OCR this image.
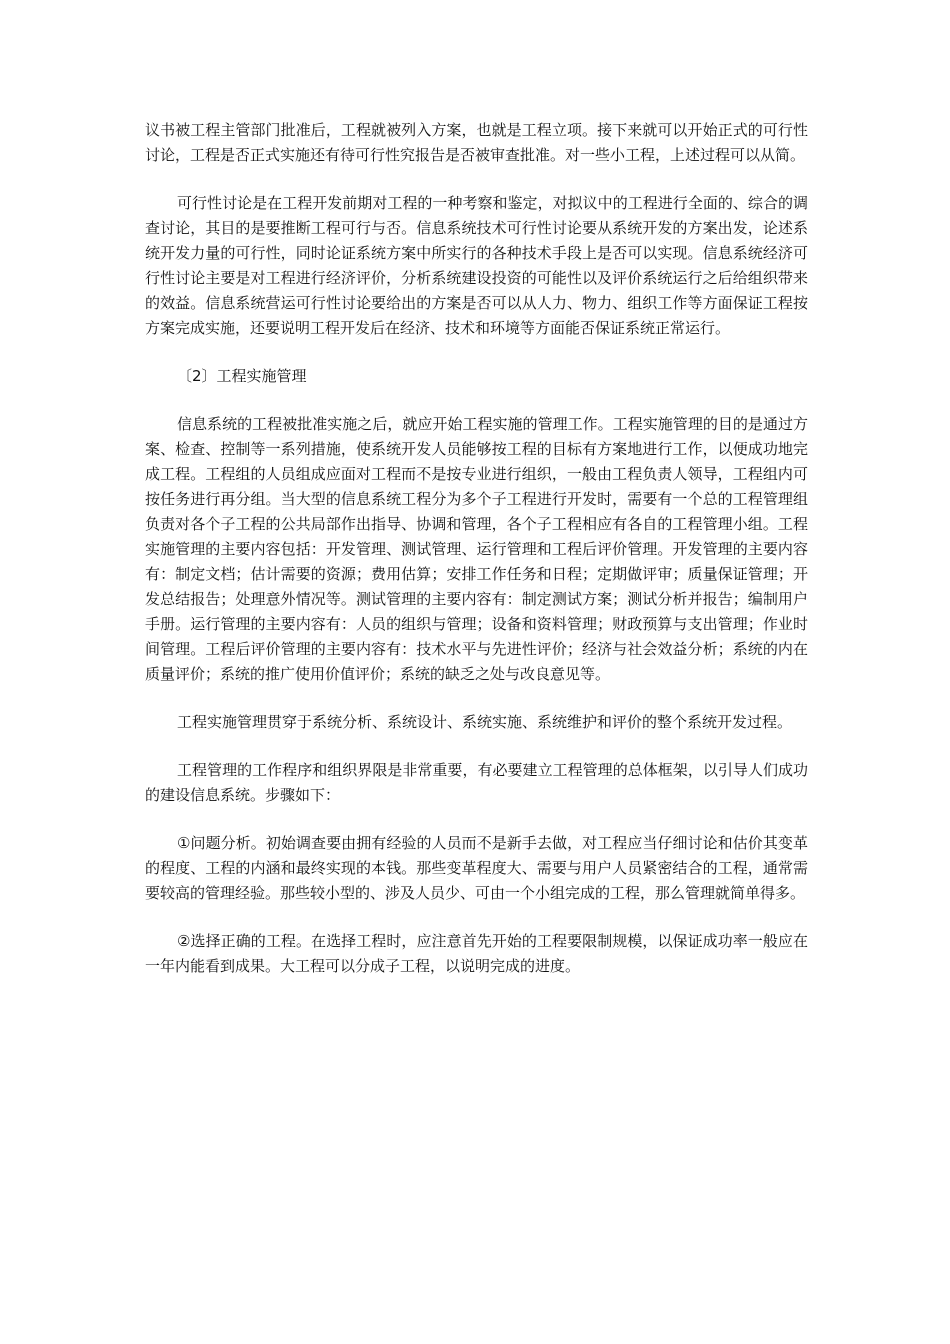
议书被工程主管部门批准后，工程就被列入方案，也就是工程立项。接下来就可以开始正式的可行性讨论，工程是否正式实施还有待可行性究报告是否被审查批准。对一些小工程，上述过程可以从简。

可行性讨论是在工程开发前期对工程的一种考察和鉴定，对拟议中的工程进行全面的、综合的调查讨论，其目的是要推断工程可行与否。信息系统技术可行性讨论要从系统开发的方案出发，论述系统开发力量的可行性，同时论证系统方案中所实行的各种技术手段上是否可以实现。信息系统经济可行性讨论主要是对工程进行经济评价，分析系统建设投资的可能性以及评价系统运行之后给组织带来的效益。信息系统营运可行性讨论要给出的方案是否可以从人力、物力、组织工作等方面保证工程按方案完成实施，还要说明工程开发后在经济、技术和环境等方面能否保证系统正常运行。

〔2〕工程实施管理

信息系统的工程被批准实施之后，就应开始工程实施的管理工作。工程实施管理的目的是通过方案、检查、控制等一系列措施，使系统开发人员能够按工程的目标有方案地进行工作，以便成功地完成工程。工程组的人员组成应面对工程而不是按专业进行组织，一般由工程负责人领导，工程组内可按任务进行再分组。当大型的信息系统工程分为多个子工程进行开发时，需要有一个总的工程管理组负责对各个子工程的公共局部作出指导、协调和管理，各个子工程相应有各自的工程管理小组。工程实施管理的主要内容包括：开发管理、测试管理、运行管理和工程后评价管理。开发管理的主要内容有：制定文档；估计需要的资源；费用估算；安排工作任务和日程；定期做评审；质量保证管理；开发总结报告；处理意外情况等。测试管理的主要内容有：制定测试方案；测试分析并报告；编制用户手册。运行管理的主要内容有：人员的组织与管理；设备和资料管理；财政预算与支出管理；作业时间管理。工程后评价管理的主要内容有：技术水平与先进性评价；经济与社会效益分析；系统的内在质量评价；系统的推广使用价值评价；系统的缺乏之处与改良意见等。

工程实施管理贯穿于系统分析、系统设计、系统实施、系统维护和评价的整个系统开发过程。

工程管理的工作程序和组织界限是非常重要，有必要建立工程管理的总体框架，以引导人们成功的建设信息系统。步骤如下：

①问题分析。初始调查要由拥有经验的人员而不是新手去做，对工程应当仔细讨论和估价其变革的程度、工程的内涵和最终实现的本钱。那些变革程度大、需要与用户人员紧密结合的工程，通常需要较高的管理经验。那些较小型的、涉及人员少、可由一个小组完成的工程，那么管理就简单得多。

②选择正确的工程。在选择工程时，应注意首先开始的工程要限制规模，以保证成功率一般应在一年内能看到成果。大工程可以分成子工程，以说明完成的进度。
